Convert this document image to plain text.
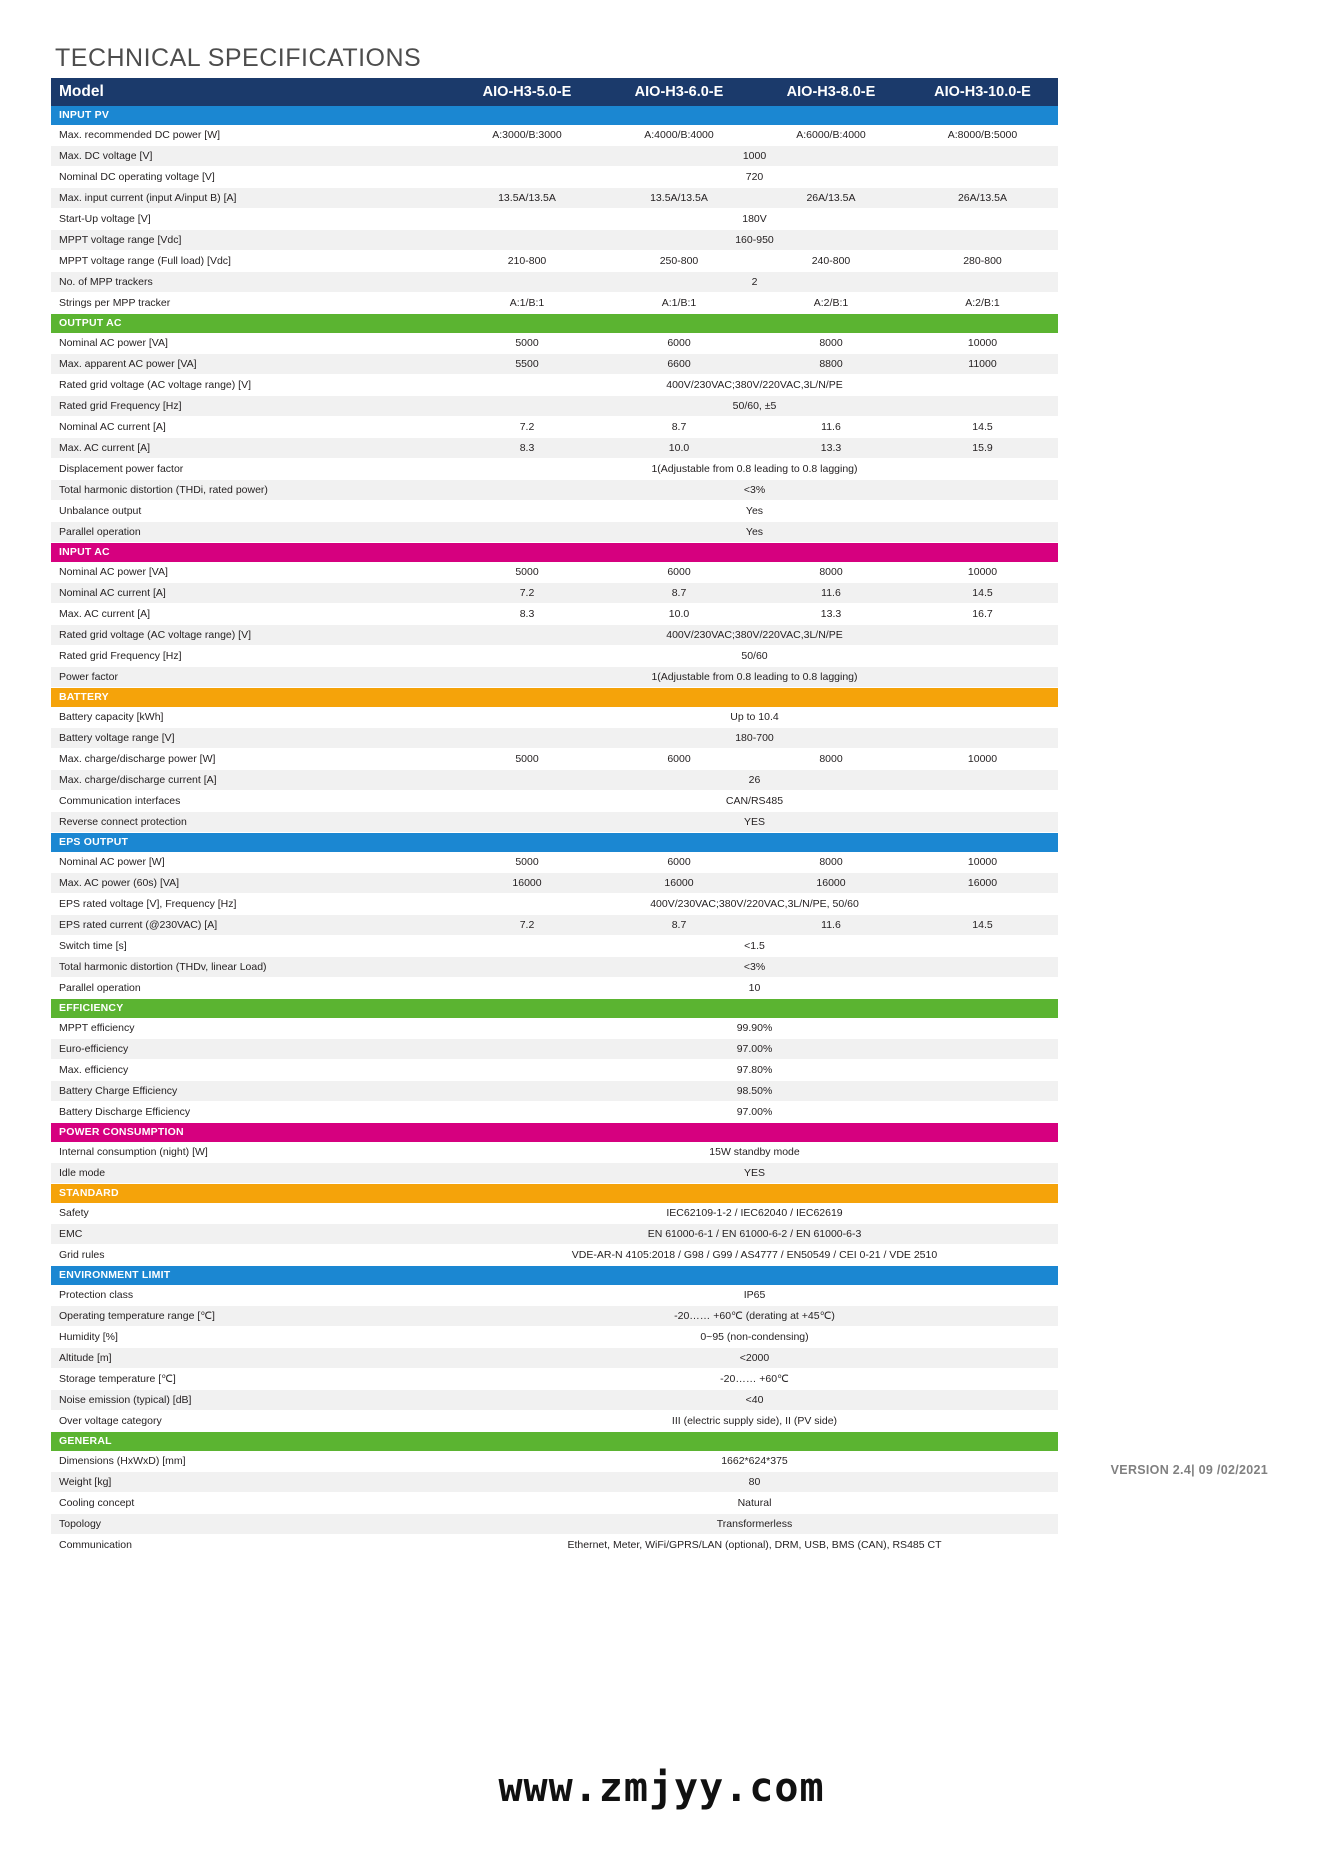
TECHNICAL SPECIFICATIONS
Model	AIO-H3-5.0-E	AIO-H3-6.0-E	AIO-H3-8.0-E	AIO-H3-10.0-E
INPUT PV				
Max. recommended DC power [W]	A:3000/B:3000	A:4000/B:4000	A:6000/B:4000	A:8000/B:5000
Max. DC voltage [V]	1000			
Nominal DC operating voltage [V]	720			
Max. input current (input A/input B) [A]	13.5A/13.5A	13.5A/13.5A	26A/13.5A	26A/13.5A
Start-Up voltage [V]	180V			
MPPT voltage range [Vdc]	160-950			
MPPT voltage range (Full load) [Vdc]	210-800	250-800	240-800	280-800
No. of MPP trackers	2			
Strings per MPP tracker	A:1/B:1	A:1/B:1	A:2/B:1	A:2/B:1
OUTPUT AC				
Nominal AC power [VA]	5000	6000	8000	10000
Max. apparent AC power [VA]	5500	6600	8800	11000
Rated grid voltage (AC voltage range) [V]	400V/230VAC;380V/220VAC,3L/N/PE			
Rated grid Frequency [Hz]	50/60, ±5			
Nominal AC current [A]	7.2	8.7	11.6	14.5
Max. AC current [A]	8.3	10.0	13.3	15.9
Displacement power factor	1(Adjustable from 0.8 leading to 0.8 lagging)			
Total harmonic distortion (THDi, rated power)	<3%			
Unbalance output	Yes			
Parallel operation	Yes			
INPUT AC				
Nominal AC power [VA]	5000	6000	8000	10000
Nominal AC current [A]	7.2	8.7	11.6	14.5
Max. AC current [A]	8.3	10.0	13.3	16.7
Rated grid voltage (AC voltage range) [V]	400V/230VAC;380V/220VAC,3L/N/PE			
Rated grid Frequency [Hz]	50/60			
Power factor	1(Adjustable from 0.8 leading to 0.8 lagging)			
BATTERY				
Battery capacity [kWh]	Up to 10.4			
Battery voltage range [V]	180-700			
Max. charge/discharge power [W]	5000	6000	8000	10000
Max. charge/discharge current [A]	26			
Communication interfaces	CAN/RS485			
Reverse connect protection	YES			
EPS OUTPUT				
Nominal AC power [W]	5000	6000	8000	10000
Max. AC power (60s) [VA]	16000	16000	16000	16000
EPS rated voltage [V], Frequency [Hz]	400V/230VAC;380V/220VAC,3L/N/PE, 50/60			
EPS rated current (@230VAC) [A]	7.2	8.7	11.6	14.5
Switch time [s]	<1.5			
Total harmonic distortion (THDv, linear Load)	<3%			
Parallel operation	10			
EFFICIENCY				
MPPT efficiency	99.90%			
Euro-efficiency	97.00%			
Max. efficiency	97.80%			
Battery Charge Efficiency	98.50%			
Battery Discharge Efficiency	97.00%			
POWER CONSUMPTION				
Internal consumption (night) [W]	15W standby mode			
Idle mode	YES			
STANDARD				
Safety	IEC62109-1-2 / IEC62040 / IEC62619			
EMC	EN 61000-6-1 / EN 61000-6-2 / EN 61000-6-3			
Grid rules	VDE-AR-N 4105:2018 / G98 / G99 / AS4777 / EN50549 / CEI 0-21 / VDE 2510			
ENVIRONMENT LIMIT				
Protection class	IP65			
Operating temperature range [℃]	-20…… +60℃ (derating at +45℃)			
Humidity [%]	0~95 (non-condensing)			
Altitude [m]	<2000			
Storage temperature [℃]	-20…… +60℃			
Noise emission (typical) [dB]	<40			
Over voltage category	III (electric supply side), II (PV side)			
GENERAL				
Dimensions (HxWxD) [mm]	1662*624*375			
Weight [kg]	80			
Cooling concept	Natural			
Topology	Transformerless			
Communication	Ethernet, Meter, WiFi/GPRS/LAN (optional), DRM, USB, BMS (CAN), RS485 CT			
VERSION 2.4| 09 /02/2021
www.zmjyy.com
